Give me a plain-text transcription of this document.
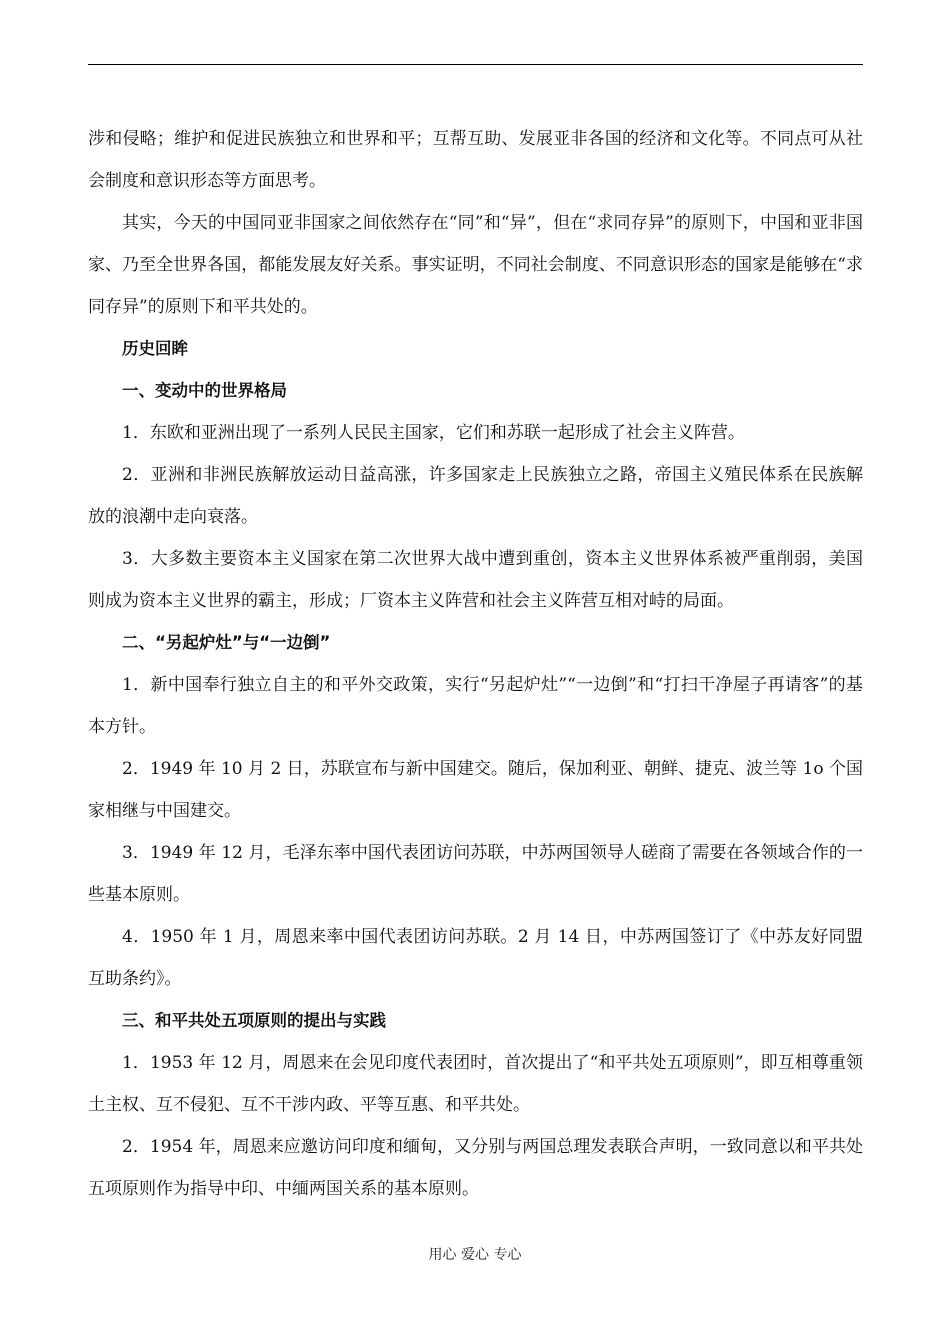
涉和侵略；维护和促进民族独立和世界和平；互帮互助、发展亚非各国的经济和文化等。不同点可从社会制度和意识形态等方面思考。

其实，今天的中国同亚非国家之间依然存在“同”和“异”，但在“求同存异”的原则下，中国和亚非国家、乃至全世界各国，都能发展友好关系。事实证明，不同社会制度、不同意识形态的国家是能够在“求同存异”的原则下和平共处的。

历史回眸

一、变动中的世界格局

1．东欧和亚洲出现了一系列人民民主国家，它们和苏联一起形成了社会主义阵营。

2．亚洲和非洲民族解放运动日益高涨，许多国家走上民族独立之路，帝国主义殖民体系在民族解放的浪潮中走向衰落。

3．大多数主要资本主义国家在第二次世界大战中遭到重创，资本主义世界体系被严重削弱，美国则成为资本主义世界的霸主，形成；厂资本主义阵营和社会主义阵营互相对峙的局面。

二、“另起炉灶”与“一边倒”

1．新中国奉行独立自主的和平外交政策，实行“另起炉灶”“一边倒”和“打扫干净屋子再请客”的基本方针。

2．1949 年 10 月 2 日，苏联宣布与新中国建交。随后，保加利亚、朝鲜、捷克、波兰等 1o 个国家相继与中国建交。

3．1949 年 12 月，毛泽东率中国代表团访问苏联，中苏两国领导人磋商了需要在各领域合作的一些基本原则。

4．1950 年 1 月，周恩来率中国代表团访问苏联。2 月 14 日，中苏两国签订了《中苏友好同盟互助条约》。

三、和平共处五项原则的提出与实践

1．1953 年 12 月，周恩来在会见印度代表团时，首次提出了“和平共处五项原则”，即互相尊重领土主权、互不侵犯、互不干涉内政、平等互惠、和平共处。

2．1954 年，周恩来应邀访问印度和缅甸，又分别与两国总理发表联合声明，一致同意以和平共处五项原则作为指导中印、中缅两国关系的基本原则。

用心 爱心 专心
